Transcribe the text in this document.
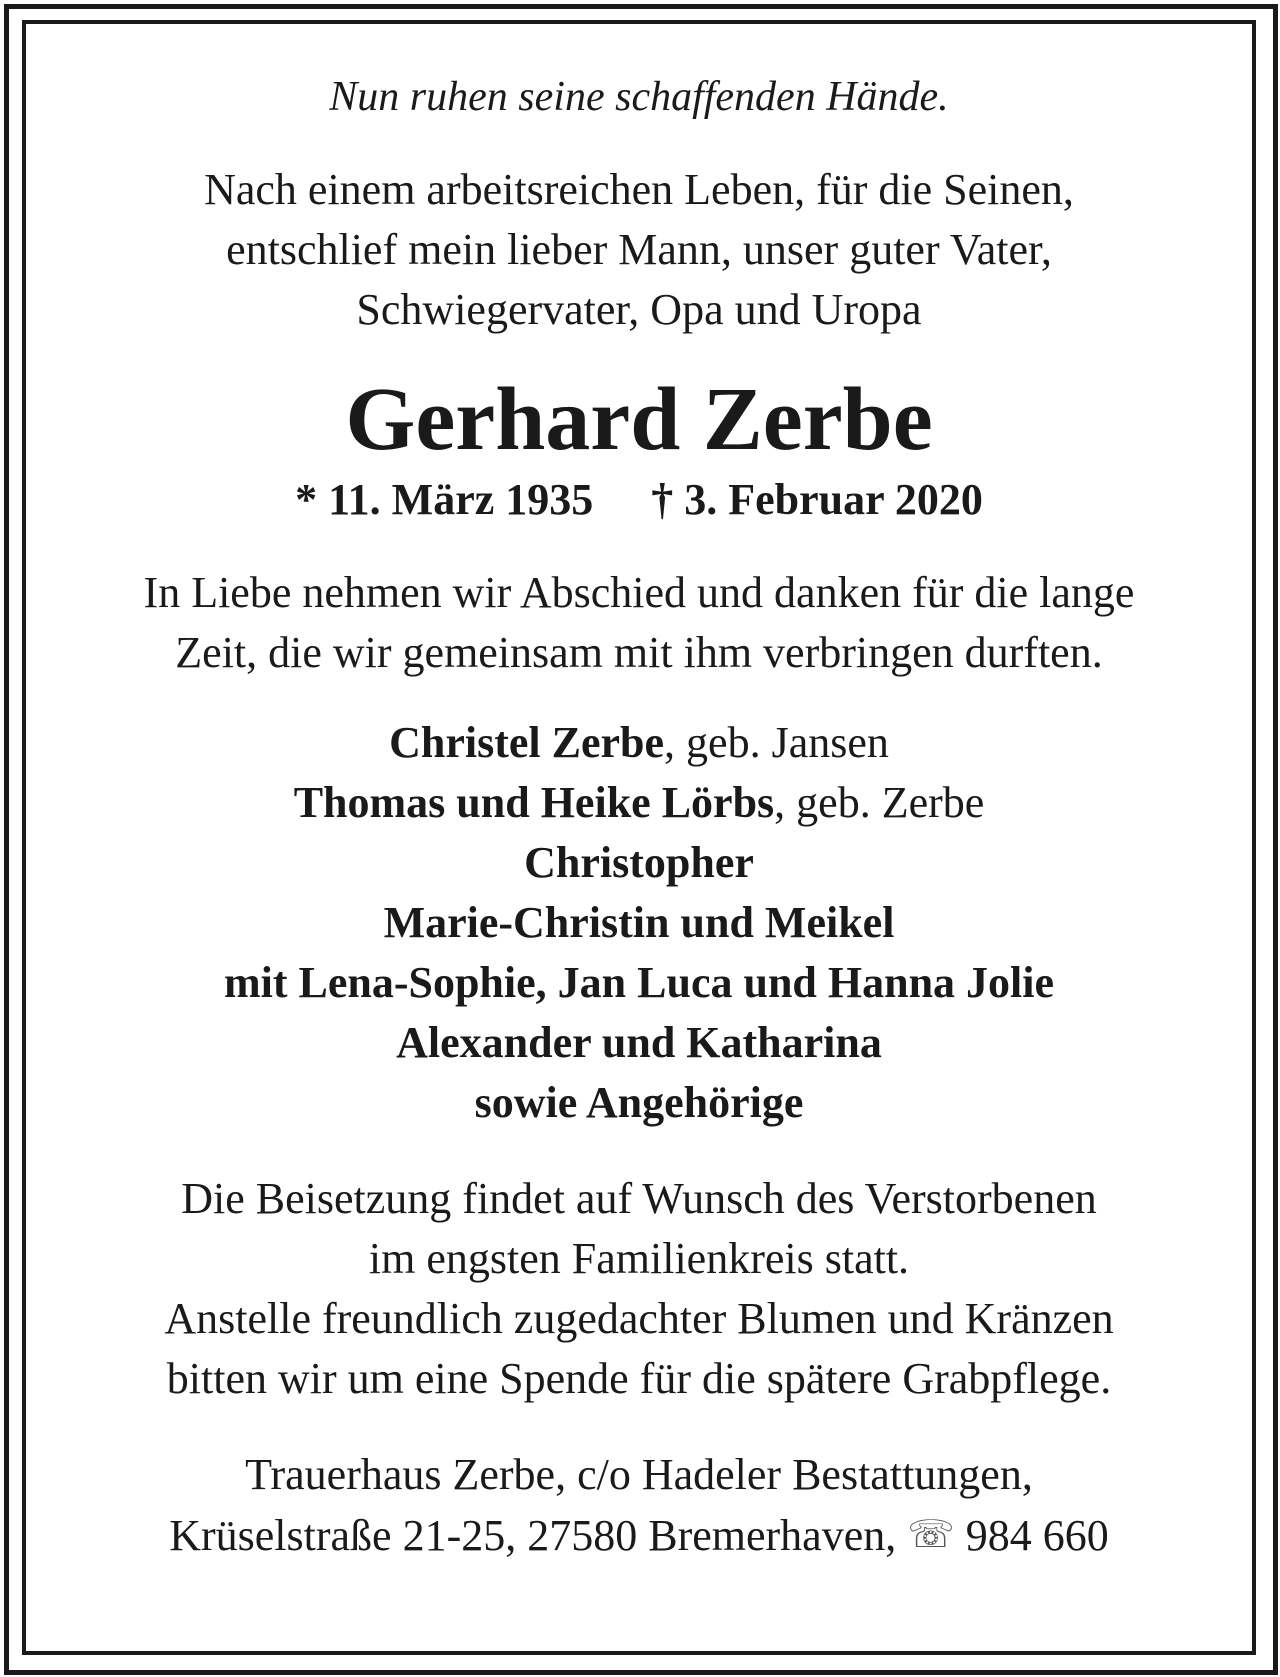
Nun ruhen seine schaffenden Hände.
Nach einem arbeitsreichen Leben, für die Seinen,
entschlief mein lieber Mann, unser guter Vater,
Schwiegervater, Opa und Uropa
Gerhard Zerbe
* 11. März 1935 † 3. Februar 2020
In Liebe nehmen wir Abschied und danken für die lange
Zeit, die wir gemeinsam mit ihm verbringen durften.
Christel Zerbe, geb. Jansen
Thomas und Heike Lörbs, geb. Zerbe
Christopher
Marie-Christin und Meikel
mit Lena-Sophie, Jan Luca und Hanna Jolie
Alexander und Katharina
sowie Angehörige
Die Beisetzung findet auf Wunsch des Verstorbenen
im engsten Familienkreis statt.
Anstelle freundlich zugedachter Blumen und Kränzen
bitten wir um eine Spende für die spätere Grabpflege.
Trauerhaus Zerbe, c/o Hadeler Bestattungen,
Krüselstraße 21-25, 27580 Bremerhaven, ☏ 984 660
